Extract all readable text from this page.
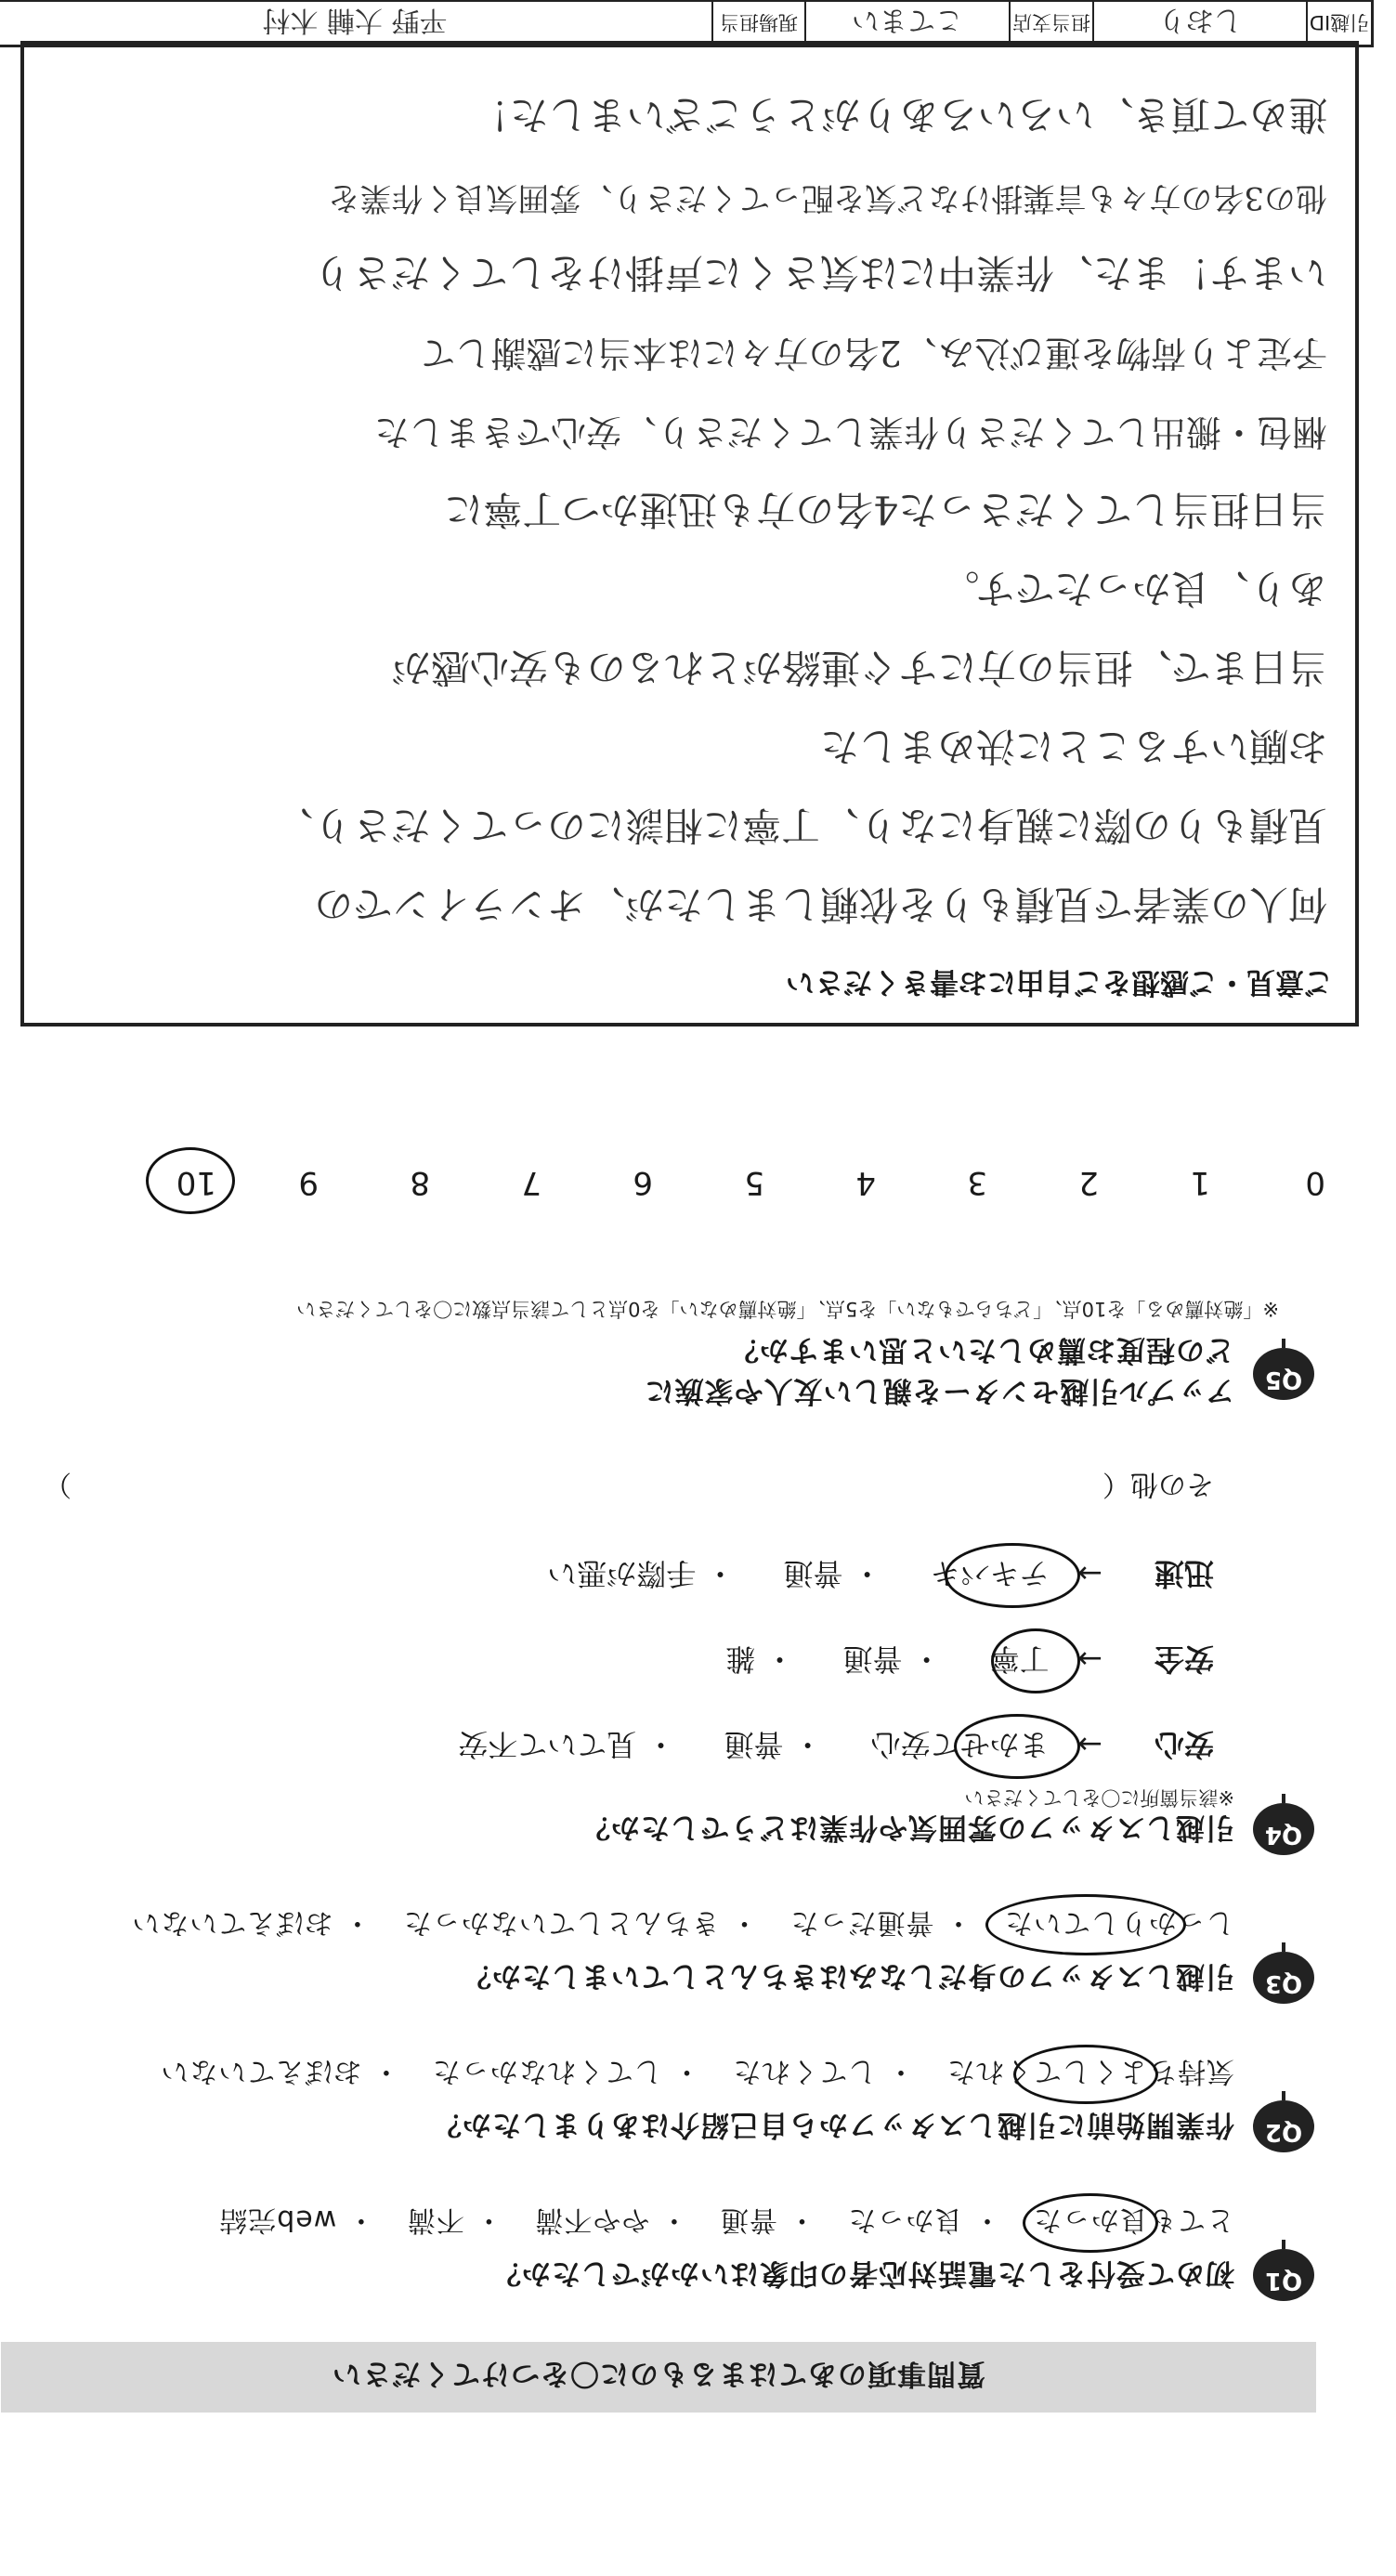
質問事項のあてはまるものに〇をつけてください
Q1
初めて受付をした電話対応者の印象はいかがでしたか？
とても良かった・ 良かった・ 普通・ やや不満・ 不満・ web完結
Q2
作業開始前に引越しスタッフから自己紹介はありましたか？
気持ちよくしてくれた・ してくれた・ してくれなかった・ おぼえていない
Q3
引越しスタッフの身だしなみはきちんとしていましたか？
しっかりしていた・ 普通だった・ きちんとしていなかった・ おぼえていない
Q4
引越しスタッフの雰囲気や作業はどうでしたか？
※該当箇所に〇をしてください
安心→   まかせて安心・ 普通・ 見ていて不安
安全→   丁寧・ 普通・ 雑
迅速→   テキパキ・ 普通・ 手際が悪い
その他（
）
Q5
アップル引越センターを親しい友人や家族に
どの程度お薦めしたいと思いますか？
※「絶対薦める」を10点、「どちらでもない」を5点、「絶対薦めない」を0点として該当点数に〇をしてください
0
1
2
3
4
5
6
7
8
9
10
ご意見・ご感想をご自由にお書きください
何人の業者で見積もりを依頼しましたが、オンラインでの
見積もりの際に親身になり、丁寧に相談にのってくださり、
お願いすることに決めました
当日まで、担当の方にすぐ連絡がとれるのも安心感が
あり、良かったです。
当日担当してくださった4名の方も迅速かつ丁寧に
梱包・搬出してくださり作業してくださり、安心できました
予定より荷物を運び込み、2名の方々には本当に感謝して
います！また、作業中には気さくに声掛けをしてくださり
他の3名の方々も言葉掛けなど気を配ってくださり、雰囲気良く作業を
進めて頂き、いろいろありがとうございました！
引越ID
しおり
担当支店
こてまい
現場担当
平野 大輔 木村
